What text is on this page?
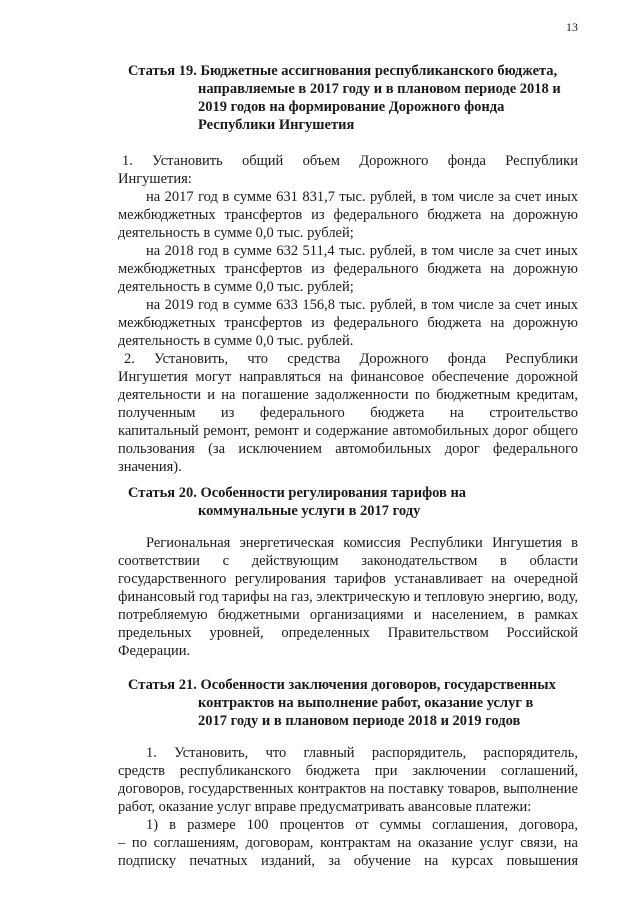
13
Статья 19. Бюджетные ассигнования республиканского бюджета,
направляемые в 2017 году и в плановом периоде 2018 и
2019 годов на формирование Дорожного фонда
Республики Ингушетия
1. Установить общий объем Дорожного фонда Республики
Ингушетия:
на 2017 год в сумме 631 831,7 тыс. рублей, в том числе за счет иных
межбюджетных трансфертов из федерального бюджета на дорожную
деятельность в сумме 0,0 тыс. рублей;
на 2018 год в сумме 632 511,4 тыс. рублей, в том числе за счет иных
межбюджетных трансфертов из федерального бюджета на дорожную
деятельность в сумме 0,0 тыс. рублей;
на 2019 год в сумме 633 156,8 тыс. рублей, в том числе за счет иных
межбюджетных трансфертов из федерального бюджета на дорожную
деятельность в сумме 0,0 тыс. рублей.
2. Установить, что средства Дорожного фонда Республики
Ингушетия могут направляться на финансовое обеспечение дорожной
деятельности и на погашение задолженности по бюджетным кредитам,
полученным из федерального бюджета на строительство
капитальный ремонт, ремонт и содержание автомобильных дорог общего
пользования (за исключением автомобильных дорог федерального
значения).
Статья 20. Особенности регулирования тарифов на
коммунальные услуги в 2017 году
Региональная энергетическая комиссия Республики Ингушетия в
соответствии с действующим законодательством в области
государственного регулирования тарифов устанавливает на очередной
финансовый год тарифы на газ, электрическую и тепловую энергию, воду,
потребляемую бюджетными организациями и населением, в рамках
предельных уровней, определенных Правительством Российской
Федерации.
Статья 21. Особенности заключения договоров, государственных
контрактов на выполнение работ, оказание услуг в
2017 году и в плановом периоде 2018 и 2019 годов
1. Установить, что главный распорядитель, распорядитель,
средств республиканского бюджета при заключении соглашений,
договоров, государственных контрактов на поставку товаров, выполнение
работ, оказание услуг вправе предусматривать авансовые платежи:
1) в размере 100 процентов от суммы соглашения, договора,
– по соглашениям, договорам, контрактам на оказание услуг связи, на
подписку печатных изданий, за обучение на курсах повышения
